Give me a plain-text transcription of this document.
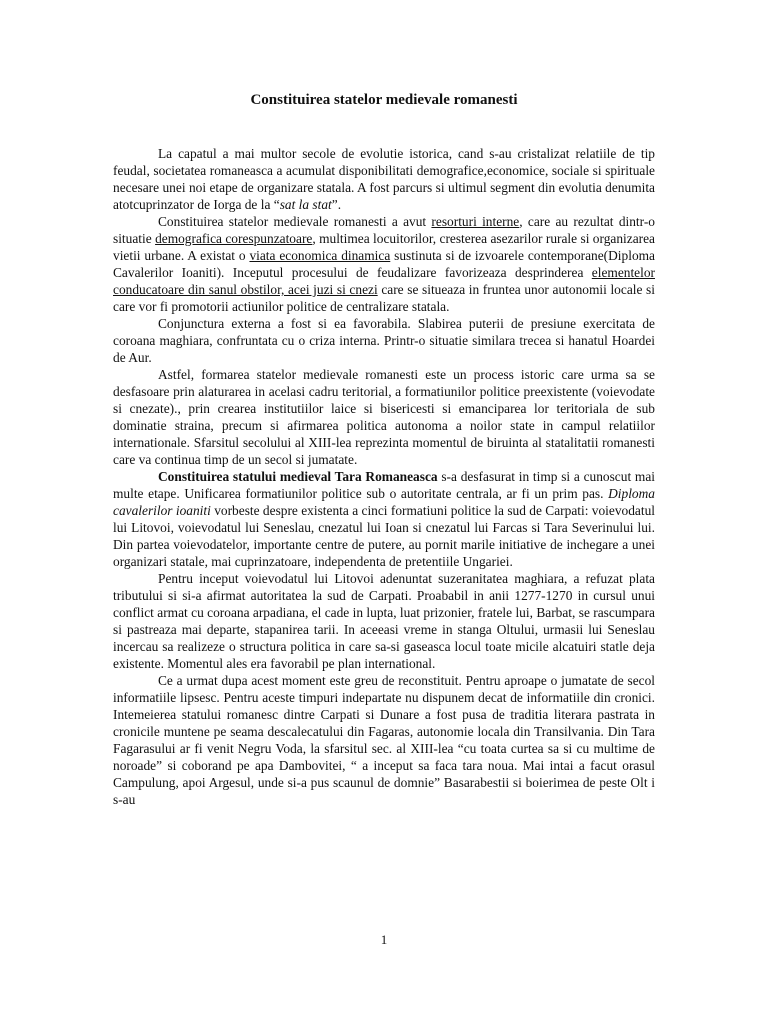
Constituirea statelor medievale romanesti

La capatul a mai multor secole de evolutie istorica, cand s-au cristalizat relatiile de tip feudal, societatea romaneasca a acumulat disponibilitati demografice,economice, sociale si spirituale necesare unei noi etape de organizare statala. A fost parcurs si ultimul segment din evolutia denumita atotcuprinzator de Iorga de la “sat la stat”.

Constituirea statelor medievale romanesti a avut resorturi interne, care au rezultat dintr-o situatie demografica corespunzatoare, multimea locuitorilor, cresterea asezarilor rurale si organizarea vietii urbane. A existat o viata economica dinamica sustinuta si de izvoarele contemporane(Diploma Cavalerilor Ioaniti). Inceputul procesului de feudalizare favorizeaza desprinderea elementelor conducatoare din sanul obstilor, acei juzi si cnezi care se situeaza in fruntea unor autonomii locale si care vor fi promotorii actiunilor politice de centralizare statala.

Conjunctura externa a fost si ea favorabila. Slabirea puterii de presiune exercitata de coroana maghiara, confruntata cu o criza interna. Printr-o situatie similara trecea si hanatul Hoardei de Aur.

Astfel, formarea statelor medievale romanesti este un process istoric care urma sa se desfasoare prin alaturarea in acelasi cadru teritorial, a formatiunilor politice preexistente (voievodate si cnezate)., prin crearea institutiilor laice si bisericesti si emanciparea lor teritoriala de sub dominatie straina, precum si afirmarea politica autonoma a noilor state in campul relatiilor internationale. Sfarsitul secolului al XIII-lea reprezinta momentul de biruinta al statalitatii romanesti care va continua timp de un secol si jumatate.

Constituirea statului medieval Tara Romaneasca s-a desfasurat in timp si a cunoscut mai multe etape. Unificarea formatiunilor politice sub o autoritate centrala, ar fi un prim pas. Diploma cavalerilor ioaniti vorbeste despre existenta a cinci formatiuni politice la sud de Carpati: voievodatul lui Litovoi, voievodatul lui Seneslau, cnezatul lui Ioan si cnezatul lui Farcas si Tara Severinului lui. Din partea voievodatelor, importante centre de putere, au pornit marile initiative de inchegare a unei organizari statale, mai cuprinzatoare, independenta de pretentiile Ungariei.

Pentru inceput voievodatul lui Litovoi adenuntat suzeranitatea maghiara, a refuzat plata tributului si si-a afirmat autoritatea la sud de Carpati. Proababil in anii 1277-1270 in cursul unui conflict armat cu coroana arpadiana, el cade in lupta, luat prizonier, fratele lui, Barbat, se rascumpara si pastreaza mai departe, stapanirea tarii. In aceeasi vreme in stanga Oltului, urmasii lui Seneslau incercau sa realizeze o structura politica in care sa-si gaseasca locul toate micile alcatuiri statle deja existente. Momentul ales era favorabil pe plan international.

Ce a urmat dupa acest moment este greu de reconstituit. Pentru aproape o jumatate de secol informatiile lipsesc. Pentru aceste timpuri indepartate nu dispunem decat de informatiile din cronici. Intemeierea statului romanesc dintre Carpati si Dunare a fost pusa de traditia literara pastrata in cronicile muntene pe seama descalecatului din Fagaras, autonomie locala din Transilvania. Din Tara Fagarasului ar fi venit Negru Voda, la sfarsitul sec. al XIII-lea “cu toata curtea sa si cu multime de noroade” si coborand pe apa Dambovitei, “ a inceput sa faca tara noua. Mai intai a facut orasul Campulung, apoi Argesul, unde si-a pus scaunul de domnie” Basarabestii si boierimea de peste Olt i s-au

1
